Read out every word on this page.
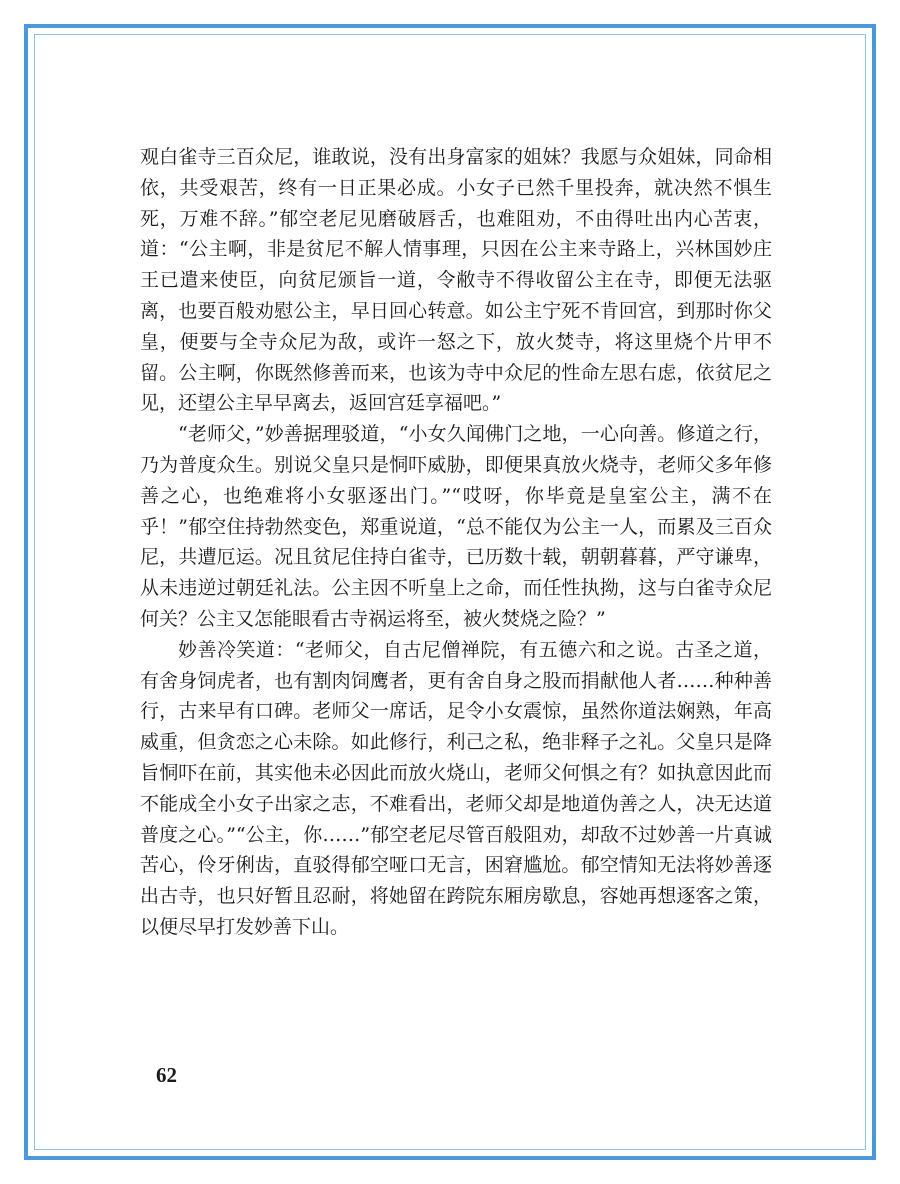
观白雀寺三百众尼，谁敢说，没有出身富家的姐妹？我愿与众姐妹，同命相依，共受艰苦，终有一日正果必成。小女子已然千里投奔，就决然不惧生死，万难不辞。”郁空老尼见磨破唇舌，也难阻劝，不由得吐出内心苦衷，道：“公主啊，非是贫尼不解人情事理，只因在公主来寺路上，兴林国妙庄王已遣来使臣，向贫尼颁旨一道，令敝寺不得收留公主在寺，即便无法驱离，也要百般劝慰公主，早日回心转意。如公主宁死不肯回宫，到那时你父皇，便要与全寺众尼为敌，或许一怒之下，放火焚寺，将这里烧个片甲不留。公主啊，你既然修善而来，也该为寺中众尼的性命左思右虑，依贫尼之见，还望公主早早离去，返回宫廷享福吧。”

“老师父，”妙善据理驳道，“小女久闻佛门之地，一心向善。修道之行，乃为普度众生。别说父皇只是恫吓威胁，即便果真放火烧寺，老师父多年修善之心，也绝难将小女驱逐出门。”“哎呀，你毕竟是皇室公主，满不在乎！”郁空住持勃然变色，郑重说道，“总不能仅为公主一人，而累及三百众尼，共遭厄运。况且贫尼住持白雀寺，已历数十载，朝朝暮暮，严守谦卑，从未违逆过朝廷礼法。公主因不听皇上之命，而任性执拗，这与白雀寺众尼何关？公主又怎能眼看古寺祸运将至，被火焚烧之险？”

妙善冷笑道：“老师父，自古尼僧禅院，有五德六和之说。古圣之道，有舍身饲虎者，也有割肉饲鹰者，更有舍自身之股而捐献他人者……种种善行，古来早有口碑。老师父一席话，足令小女震惊，虽然你道法娴熟，年高威重，但贪恋之心未除。如此修行，利己之私，绝非释子之礼。父皇只是降旨恫吓在前，其实他未必因此而放火烧山，老师父何惧之有？如执意因此而不能成全小女子出家之志，不难看出，老师父却是地道伪善之人，决无达道普度之心。”“公主，你……”郁空老尼尽管百般阻劝，却敌不过妙善一片真诚苦心，伶牙俐齿，直驳得郁空哑口无言，困窘尴尬。郁空情知无法将妙善逐出古寺，也只好暂且忍耐，将她留在跨院东厢房歇息，容她再想逐客之策，以便尽早打发妙善下山。

62
